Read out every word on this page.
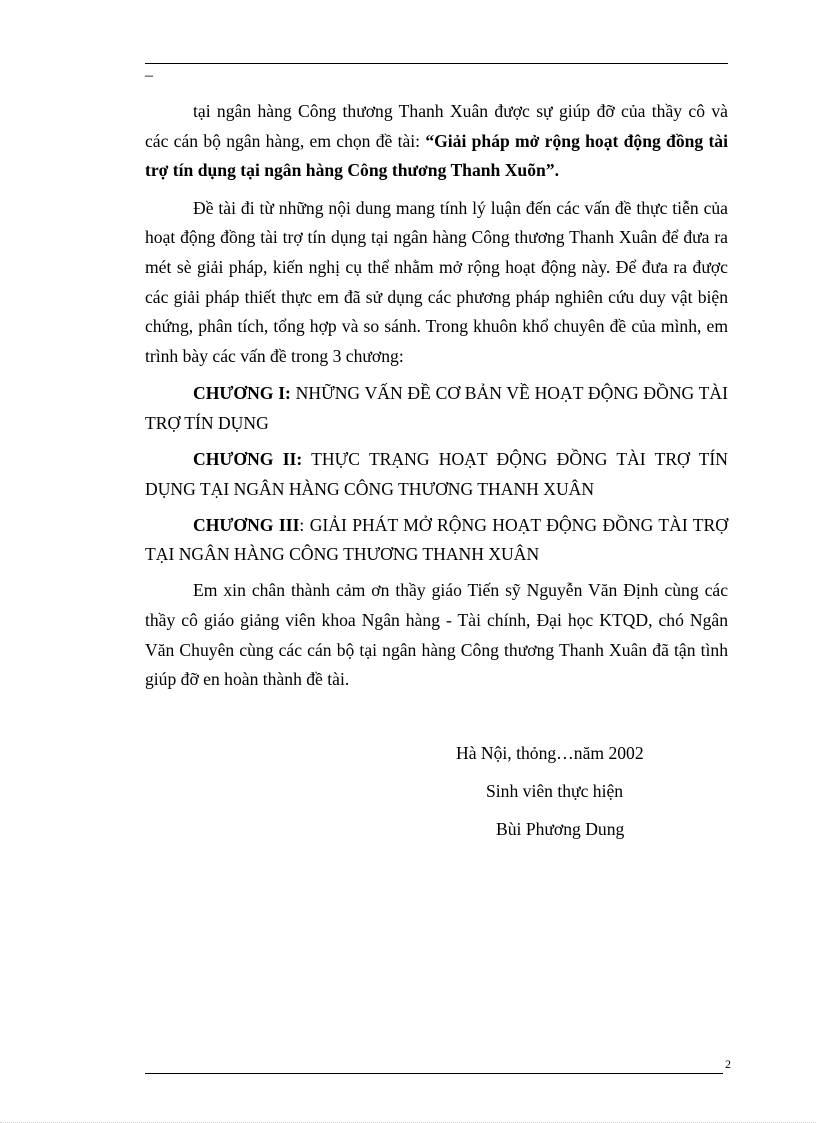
–

tại ngân hàng Công thương Thanh Xuân được sự giúp đỡ của thầy cô và các cán bộ ngân hàng, em chọn đề tài: “Giải pháp mở rộng hoạt động đồng tài trợ tín dụng tại ngân hàng Công thương Thanh Xuõn”.

Đề tài đi từ những nội dung mang tính lý luận đến các vấn đề thực tiễn của hoạt động đồng tài trợ tín dụng tại ngân hàng Công thương Thanh Xuân để đưa ra mét sè giải pháp, kiến nghị cụ thể nhằm mở rộng hoạt động này. Để đưa ra được các giải pháp thiết thực em đã sử dụng các phương pháp nghiên cứu duy vật biện chứng, phân tích, tổng hợp và so sánh. Trong khuôn khổ chuyên đề của mình, em trình bày các vấn đề trong 3 chương:

CHƯƠNG I: NHỮNG VẤN ĐỀ CƠ BẢN VỀ HOẠT ĐỘNG ĐỒNG TÀI TRỢ TÍN DỤNG

CHƯƠNG II: THỰC TRẠNG HOẠT ĐỘNG ĐỒNG TÀI TRỢ TÍN DỤNG TẠI NGÂN HÀNG CÔNG THƯƠNG THANH XUÂN

CHƯƠNG III: GIẢI PHÁT MỞ RỘNG HOẠT ĐỘNG ĐỒNG TÀI TRỢ TẠI NGÂN HÀNG CÔNG THƯƠNG THANH XUÂN

Em xin chân thành cảm ơn thầy giáo Tiến sỹ Nguyễn Văn Định cùng các thầy cô giáo giảng viên khoa Ngân hàng - Tài chính, Đại học KTQD, chó Ngân Văn Chuyên cùng các cán bộ tại ngân hàng Công thương Thanh Xuân đã tận tình giúp đỡ en hoàn thành đề tài.

Hà Nội, thỏng…năm 2002
Sinh viên thực hiện
Bùi Phương Dung
2
